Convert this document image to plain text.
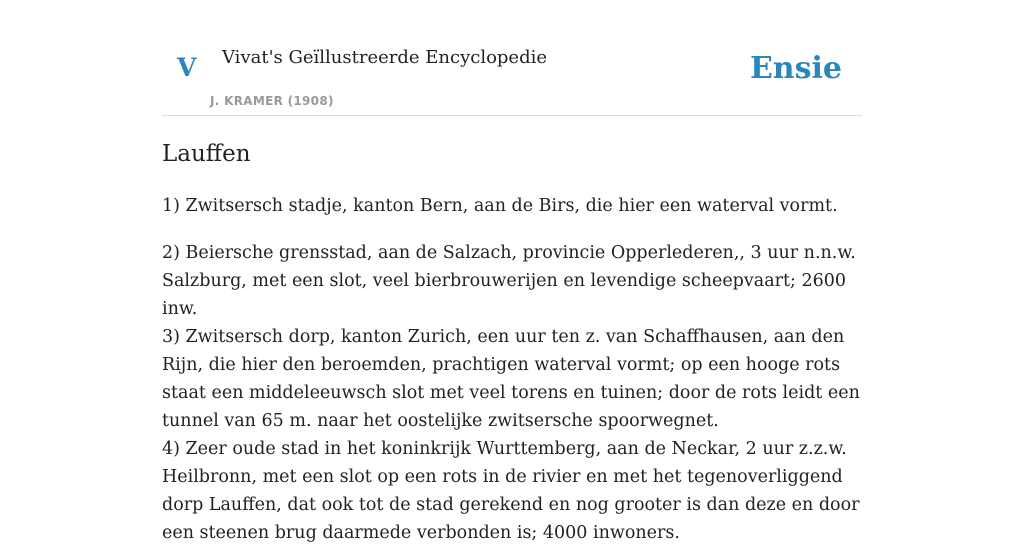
V Vivat's Geïllustreerde Encyclopedie
J. KRAMER (1908)
Ensie
Lauffen

1) Zwitsersch stadje, kanton Bern, aan de Birs, die hier een waterval vormt.

2) Beiersche grensstad, aan de Salzach, provincie Opperlederen,, 3 uur n.n.w. Salzburg, met een slot, veel bierbrouwerijen en levendige scheepvaart; 2600 inw.

3) Zwitsersch dorp, kanton Zurich, een uur ten z. van Schaffhausen, aan den Rijn, die hier den beroemden, prachtigen waterval vormt; op een hooge rots staat een middeleeuwsch slot met veel torens en tuinen; door de rots leidt een tunnel van 65 m. naar het oostelijke zwitsersche spoorwegnet.

4) Zeer oude stad in het koninkrijk Wurttemberg, aan de Neckar, 2 uur z.z.w. Heilbronn, met een slot op een rots in de rivier en met het tegenoverliggend dorp Lauffen, dat ook tot de stad gerekend en nog grooter is dan deze en door een steenen brug daarmede verbonden is; 4000 inwoners.
